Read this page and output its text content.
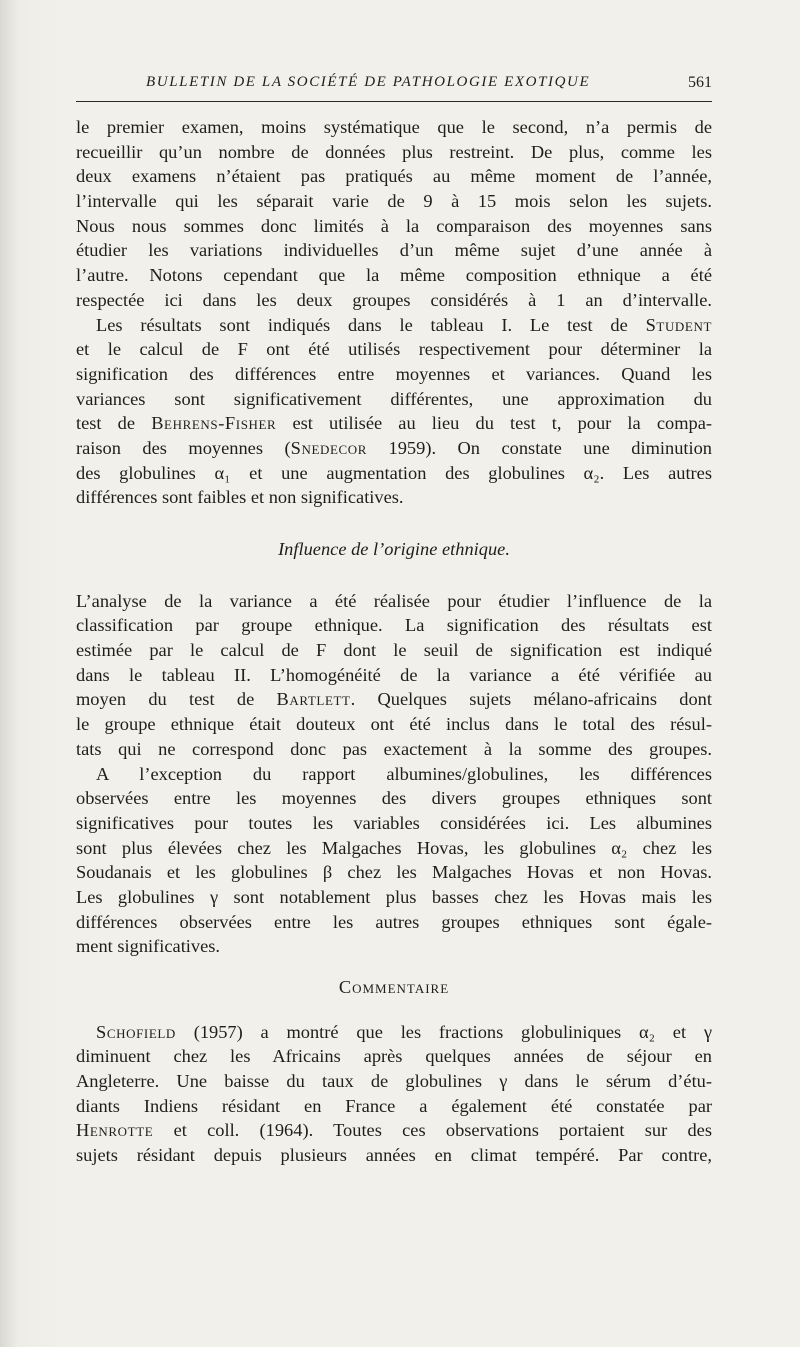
BULLETIN DE LA SOCIÉTÉ DE PATHOLOGIE EXOTIQUE	561
le premier examen, moins systématique que le second, n’a permis de
recueillir qu’un nombre de données plus restreint. De plus, comme les
deux examens n’étaient pas pratiqués au même moment de l’année,
l’intervalle qui les séparait varie de 9 à 15 mois selon les sujets.
Nous nous sommes donc limités à la comparaison des moyennes sans
étudier les variations individuelles d’un même sujet d’une année à
l’autre. Notons cependant que la même composition ethnique a été
respectée ici dans les deux groupes considérés à 1 an d’intervalle.
Les résultats sont indiqués dans le tableau I. Le test de Student
et le calcul de F ont été utilisés respectivement pour déterminer la
signification des différences entre moyennes et variances. Quand les
variances sont significativement différentes, une approximation du
test de Behrens-Fisher est utilisée au lieu du test t, pour la compa-
raison des moyennes (Snedecor 1959). On constate une diminution
des globulines α₁ et une augmentation des globulines α₂. Les autres
différences sont faibles et non significatives.
Influence de l’origine ethnique.
L’analyse de la variance a été réalisée pour étudier l’influence de la
classification par groupe ethnique. La signification des résultats est
estimée par le calcul de F dont le seuil de signification est indiqué
dans le tableau II. L’homogénéité de la variance a été vérifiée au
moyen du test de Bartlett. Quelques sujets mélano-africains dont
le groupe ethnique était douteux ont été inclus dans le total des résul-
tats qui ne correspond donc pas exactement à la somme des groupes.
A l’exception du rapport albumines/globulines, les différences
observées entre les moyennes des divers groupes ethniques sont
significatives pour toutes les variables considérées ici. Les albumines
sont plus élevées chez les Malgaches Hovas, les globulines α₂ chez les
Soudanais et les globulines β chez les Malgaches Hovas et non Hovas.
Les globulines γ sont notablement plus basses chez les Hovas mais les
différences observées entre les autres groupes ethniques sont égale-
ment significatives.
Commentaire
Schofield (1957) a montré que les fractions globuliniques α₂ et γ
diminuent chez les Africains après quelques années de séjour en
Angleterre. Une baisse du taux de globulines γ dans le sérum d’étu-
diants Indiens résidant en France a également été constatée par
Henrotte et coll. (1964). Toutes ces observations portaient sur des
sujets résidant depuis plusieurs années en climat tempéré. Par contre,
